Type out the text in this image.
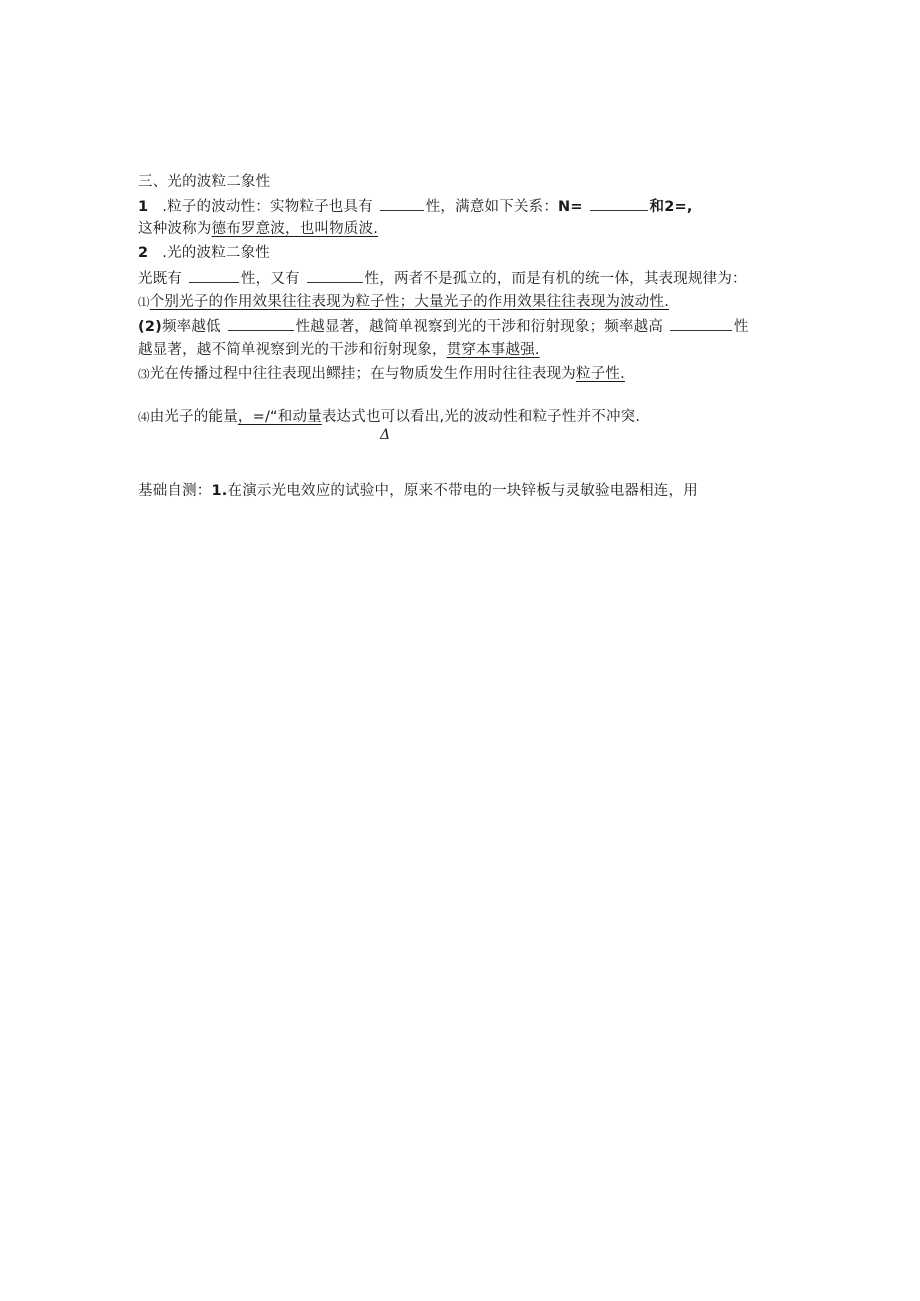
三、光的波粒二象性
1 .粒子的波动性：实物粒子也具有	性，满意如下关系：N=	和2=,
这种波称为德布罗意波，也叫物质波.
2 .光的波粒二象性
光既有	性，又有	性，两者不是孤立的，而是有机的统一体，其表现规律为：
⑴个别光子的作用效果往往表现为粒子性；大量光子的作用效果往往表现为波动性.
(2)频率越低	性越显著，越简单视察到光的干涉和衍射现象；频率越高	性
越显著，越不简单视察到光的干涉和衍射现象，贯穿本事越强.
⑶光在传播过程中往往表现出鳏挂；在与物质发生作用时往往表现为粒子性.
⑷由光子的能量，=/“和动量表达式也可以看出,光的波动性和粒子性并不冲突.
Δ
基础自测：1.在演示光电效应的试验中，原来不带电的一块锌板与灵敏验电器相连，用
